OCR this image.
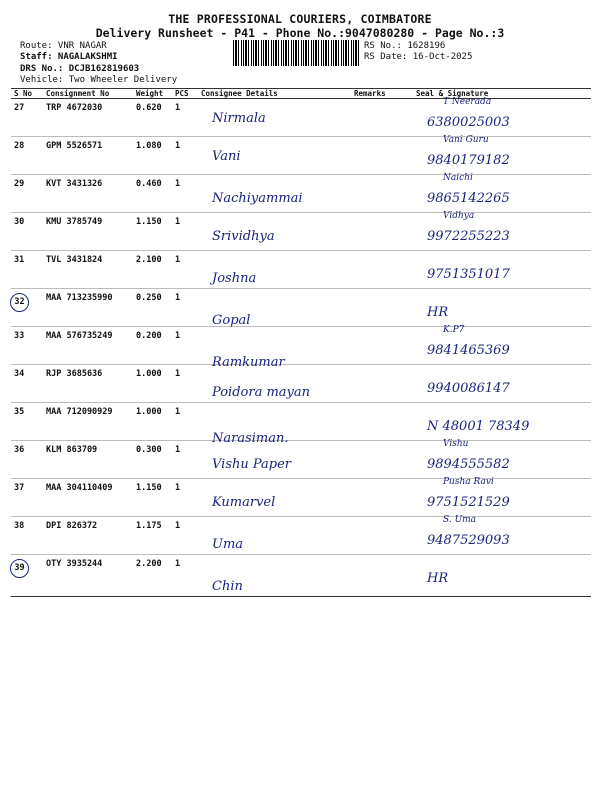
THE PROFESSIONAL COURIERS, COIMBATORE
Delivery Runsheet - P41 - Phone No.:9047080280 - Page No.:3
Route: VNR NAGAR
Staff: NAGALAKSHMI
DRS No.: DCJB162819603
Vehicle: Two Wheeler Delivery
RS No.: 1628196
RS Date: 16-Oct-2025
S No	Consignment No	Weight	PCS	Consignee Details	Remarks	Seal & Signature
27	TRP 4672030	0.620	1	Nirmala		T Neerada
6380025003

28	GPM 5526571	1.080	1	Vani		Vani Guru
9840179182

29	KVT 3431326	0.460	1	Nachiyammai		Naichi
9865142265

30	KMU 3785749	1.150	1	Srividhya		Vidhya
9972255223

31	TVL 3431824	2.100	1	Joshna		9751351017

32	MAA 713235990	0.250	1	Gopal		HR

33	MAA 576735249	0.200	1	Ramkumar		K.P7
9841465369

34	RJP 3685636	1.000	1	Poidora mayan		9940086147

35	MAA 712090929	1.000	1	Narasiman.		N 48001 78349

36	KLM 863709	0.300	1	Vishu Paper		Vishu
9894555582

37	MAA 304110409	1.150	1	Kumarvel		Pusha Ravi
9751521529

38	DPI 826372	1.175	1	Uma		S. Uma
9487529093

39	OTY 3935244	2.200	1	Chin		HR
